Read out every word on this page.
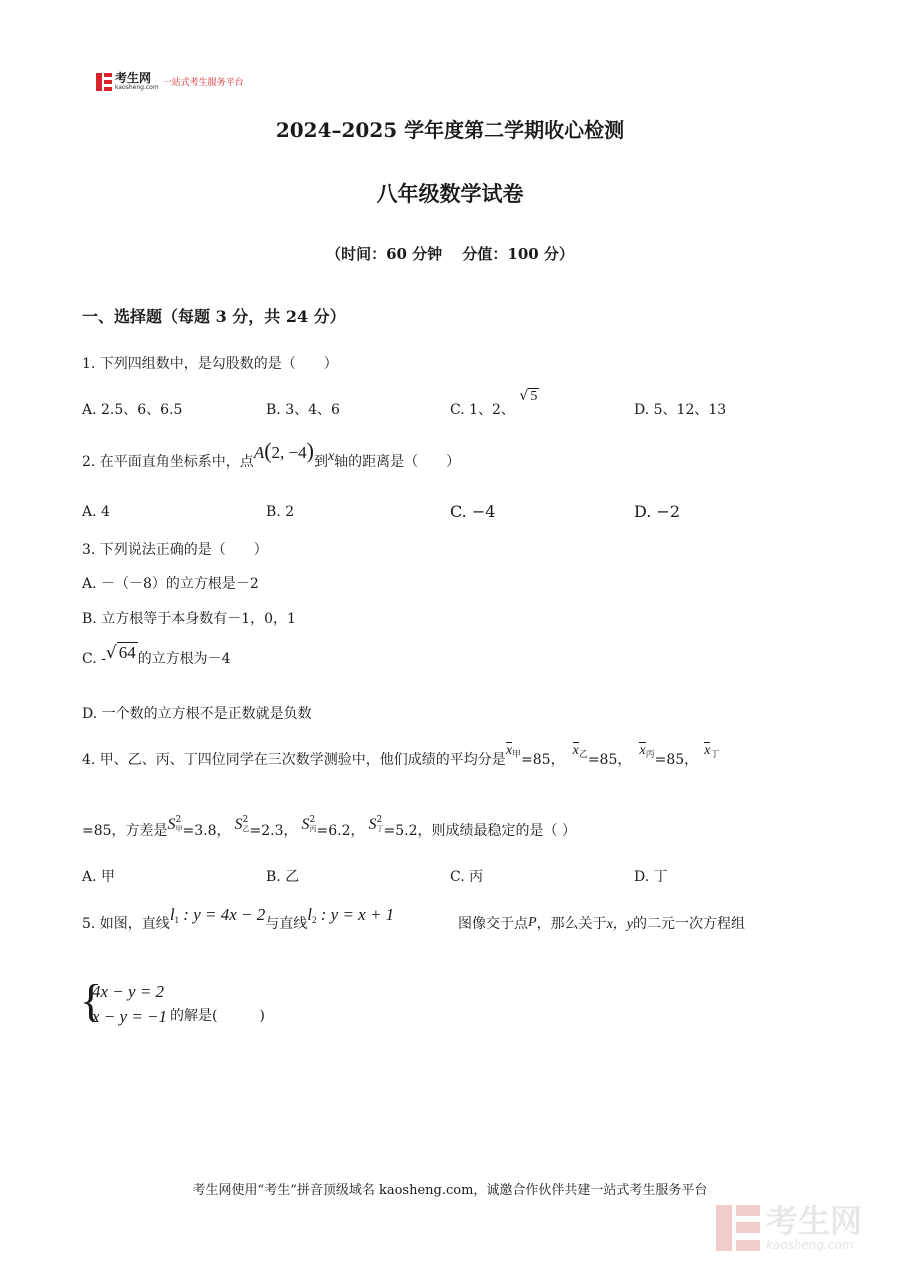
考生网
kaosheng.com 一站式考生服务平台
2024–2025 学年度第二学期收心检测
八年级数学试卷
（时间：60 分钟　 分值：100 分）
一、选择题（每题 3 分，共 24 分）
1. 下列四组数中，是勾股数的是（　　）
A. 2.5、6、6.5	B. 3、4、6	C. 1、2、 √ 5
D. 5、12、13
2. 在平面直角坐标系中，点A(2, −4)到x轴的距离是（　　）
A. 4	B. 2	C. −4	D. −2
3. 下列说法正确的是（　　）
A. －（－8）的立方根是－2
B. 立方根等于本身数有－1，0，1
C. -√ 64 的立方根为－4
D. 一个数的立方根不是正数就是负数
4. 甲、乙、丙、丁四位同学在三次数学测验中，他们成绩的平均分是$x_甲=85$，$x_乙=85$，$x_丙=85$，$x_丁$
=85，方差是S 2
甲 =3.8， S 2
乙 =2.3， S 2
丙 =6.2， S 2
丁 =5.2，则成绩最稳定的是（ ）
A. 甲	B. 乙	C. 丙	D. 丁
5. 如图，直线$l_1$ : y = 4x − 2与直线$l_2$ : y = x + 1	图像交于点P，那么关于x，y的二元一次方程组
{
4x − y = 2
x − y = −1 的解是(　　　)
考生网使用“考生”拼音顶级域名 kaosheng.com，诚邀合作伙伴共建一站式考生服务平台
考生网
kaosheng.com
